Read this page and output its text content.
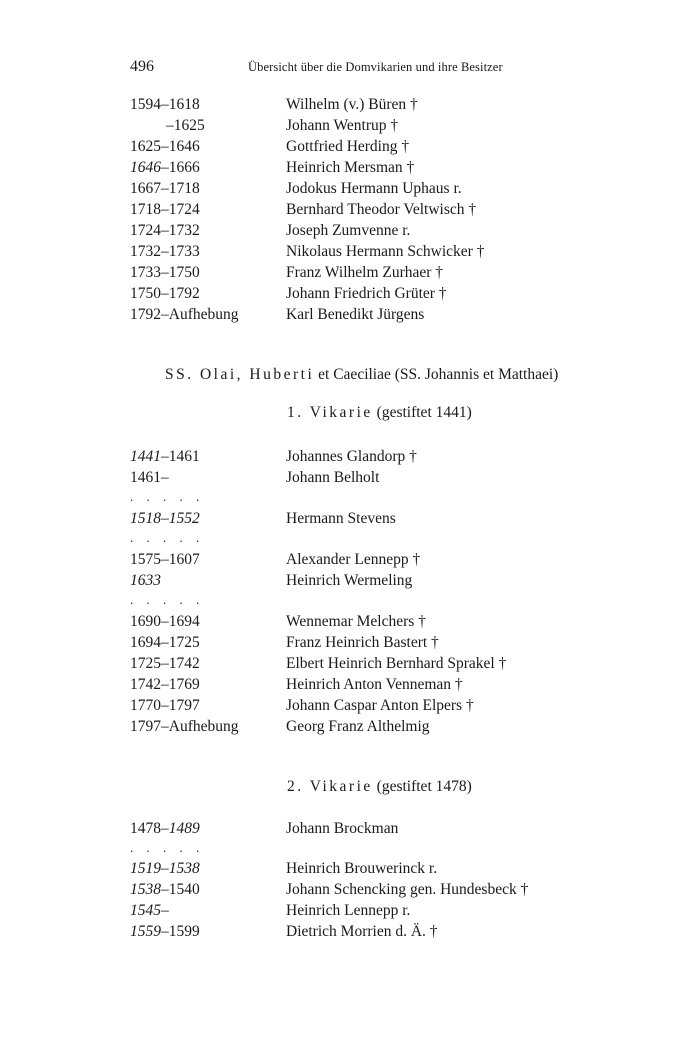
496	Übersicht über die Domvikarien und ihre Besitzer
1594–1618	Wilhelm (v.) Büren †
–1625	Johann Wentrup †
1625–1646	Gottfried Herding †
1646–1666	Heinrich Mersman †
1667–1718	Jodokus Hermann Uphaus r.
1718–1724	Bernhard Theodor Veltwisch †
1724–1732	Joseph Zumvenne r.
1732–1733	Nikolaus Hermann Schwicker †
1733–1750	Franz Wilhelm Zurhaer †
1750–1792	Johann Friedrich Grüter †
1792–Aufhebung	Karl Benedikt Jürgens
SS. Olai, Huberti et Caeciliae (SS. Johannis et Matthaei)
1. Vikarie (gestiftet 1441)
1441–1461	Johannes Glandorp †
1461–	Johann Belholt
. . . . .
1518–1552	Hermann Stevens
. . . . .
1575–1607	Alexander Lennepp †
1633	Heinrich Wermeling
. . . . .
1690–1694	Wennemar Melchers †
1694–1725	Franz Heinrich Bastert †
1725–1742	Elbert Heinrich Bernhard Sprakel †
1742–1769	Heinrich Anton Venneman †
1770–1797	Johann Caspar Anton Elpers †
1797–Aufhebung	Georg Franz Althelmig
2. Vikarie (gestiftet 1478)
1478–1489	Johann Brockman
. . . . .
1519–1538	Heinrich Brouwerinck r.
1538–1540	Johann Schencking gen. Hundesbeck †
1545–	Heinrich Lennepp r.
1559–1599	Dietrich Morrien d. Ä. †
